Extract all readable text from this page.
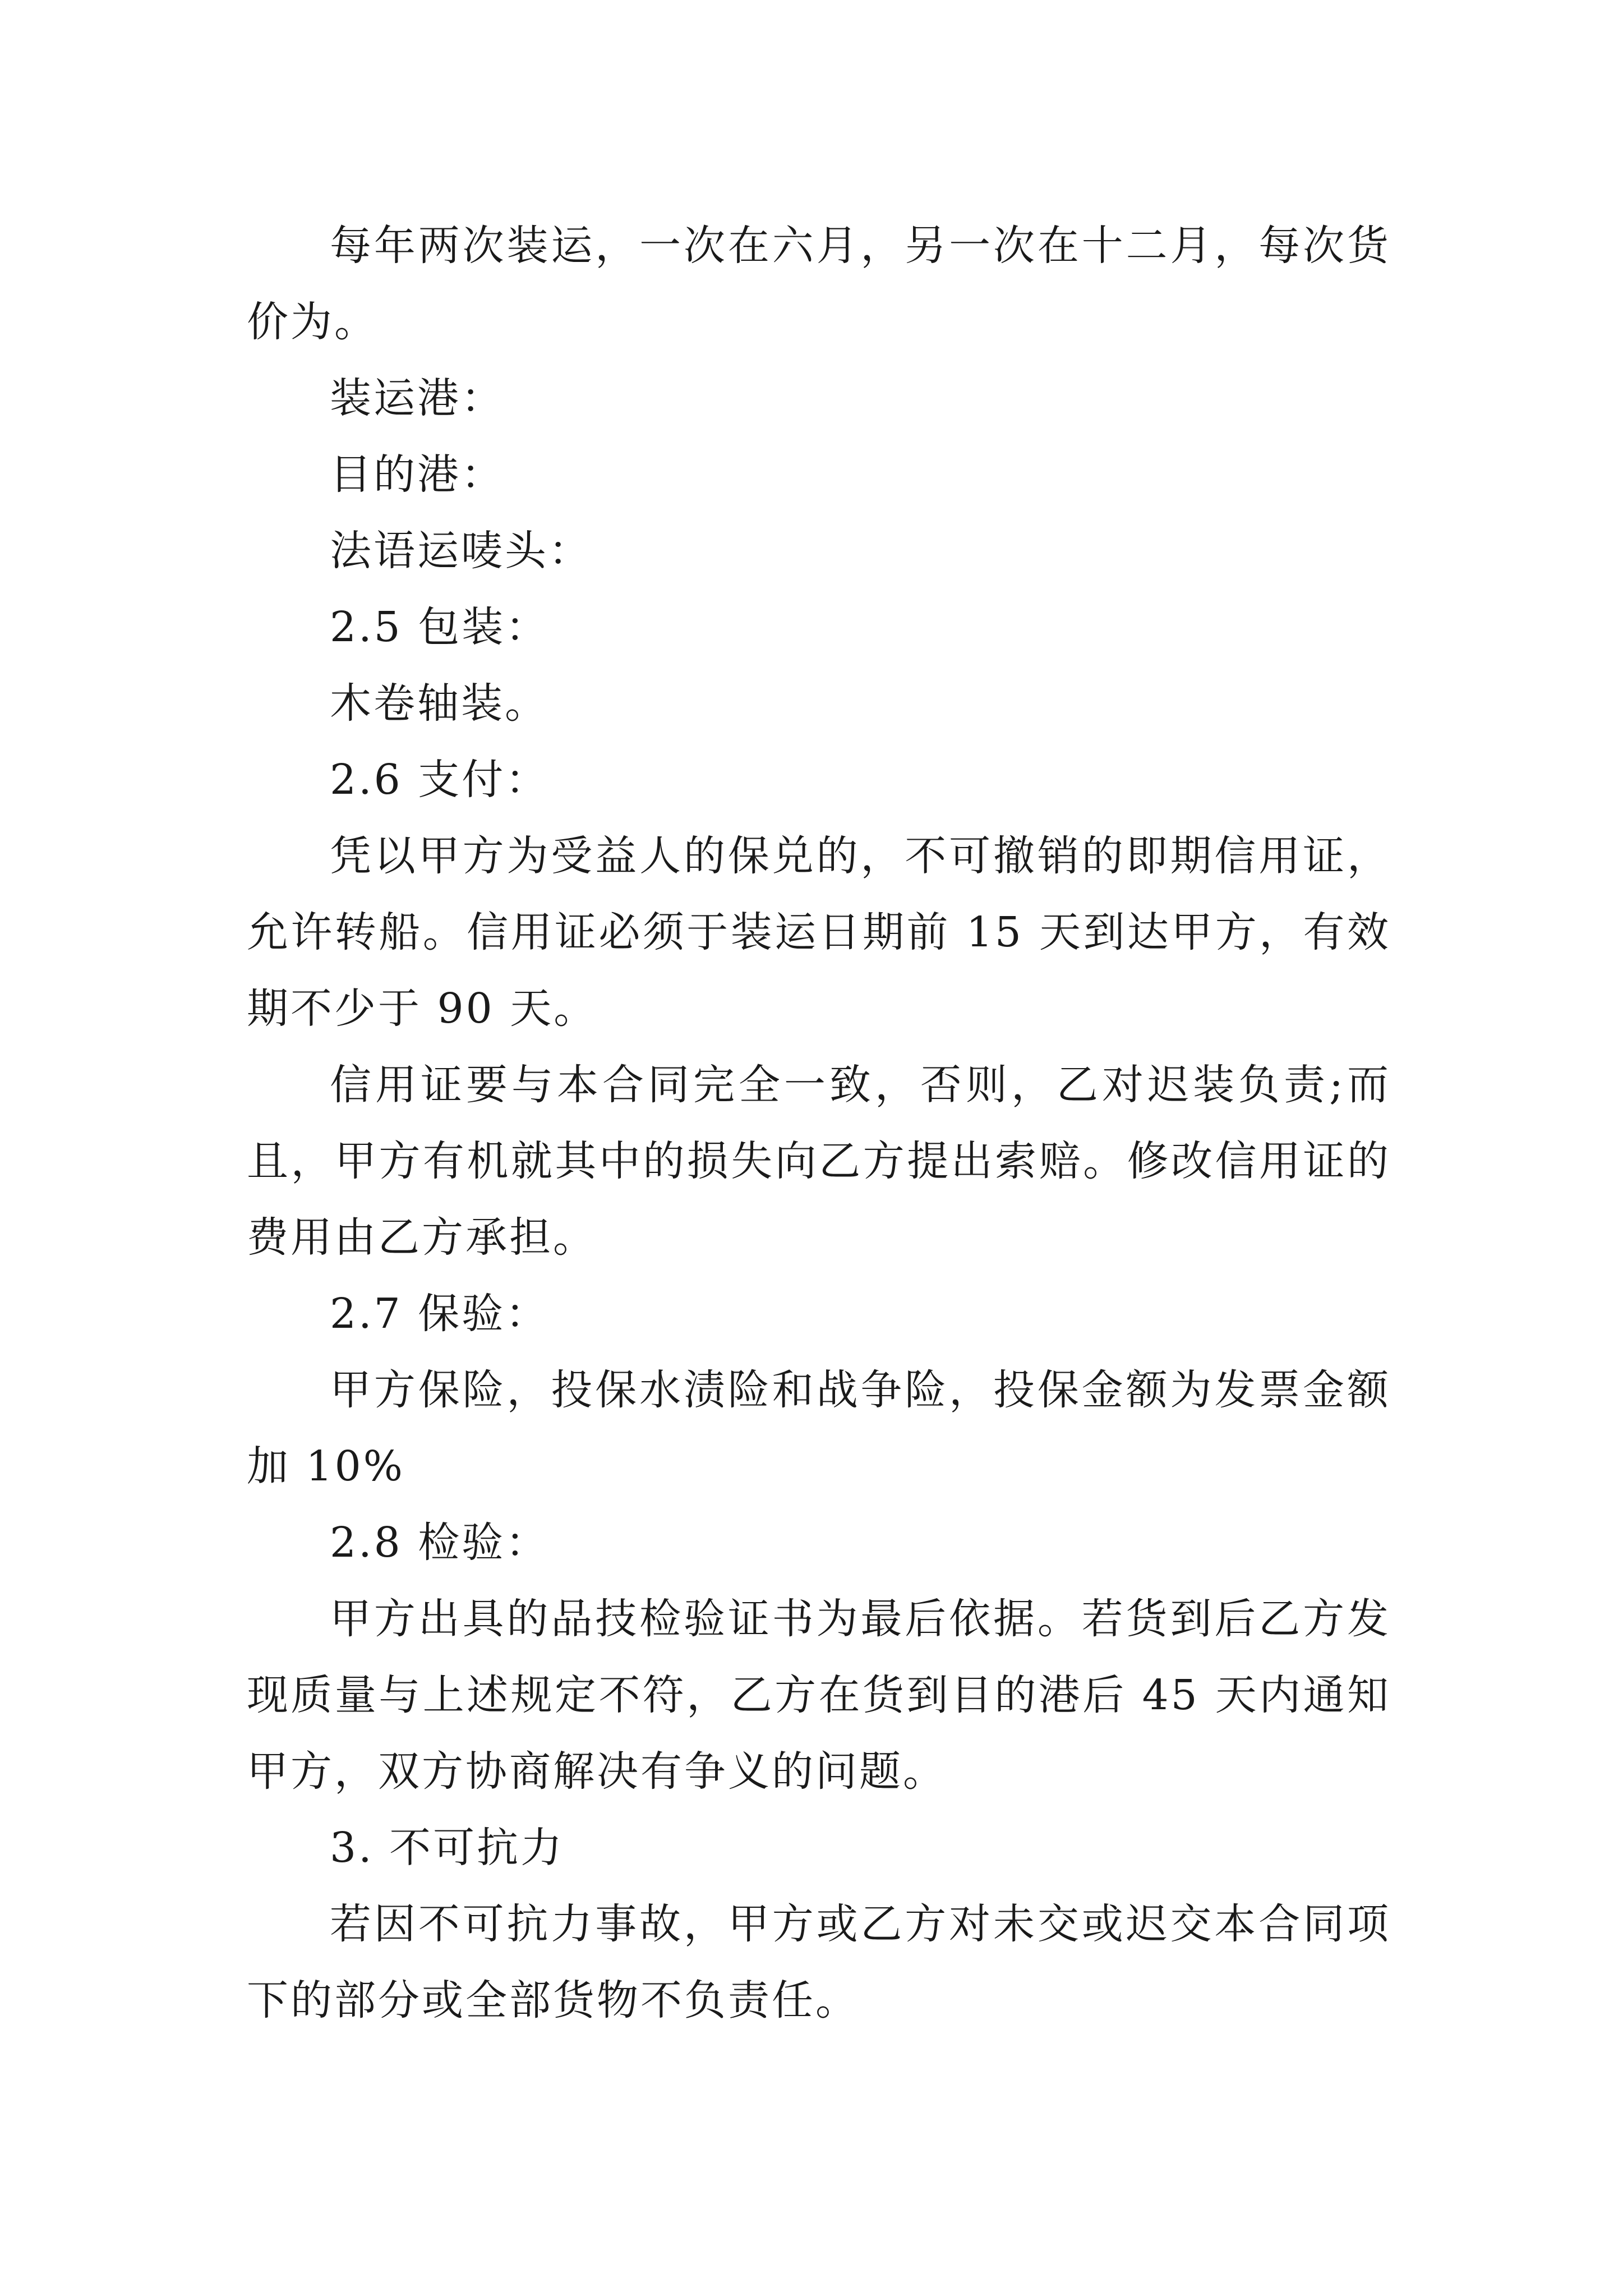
每年两次装运，一次在六月，另一次在十二月，每次货价为。

装运港：

目的港：

法语运唛头：

2.5 包装：

木卷轴装。

2.6 支付：

凭以甲方为受益人的保兑的，不可撤销的即期信用证，允许转船。信用证必须于装运日期前 15 天到达甲方，有效期不少于 90 天。

信用证要与本合同完全一致，否则，乙对迟装负责;而且，甲方有机就其中的损失向乙方提出索赔。修改信用证的费用由乙方承担。

2.7 保验：

甲方保险，投保水渍险和战争险，投保金额为发票金额加 10%

2.8 检验：

甲方出具的品技检验证书为最后依据。若货到后乙方发现质量与上述规定不符，乙方在货到目的港后 45 天内通知甲方，双方协商解决有争义的问题。

3. 不可抗力

若因不可抗力事故，甲方或乙方对未交或迟交本合同项下的部分或全部货物不负责任。
